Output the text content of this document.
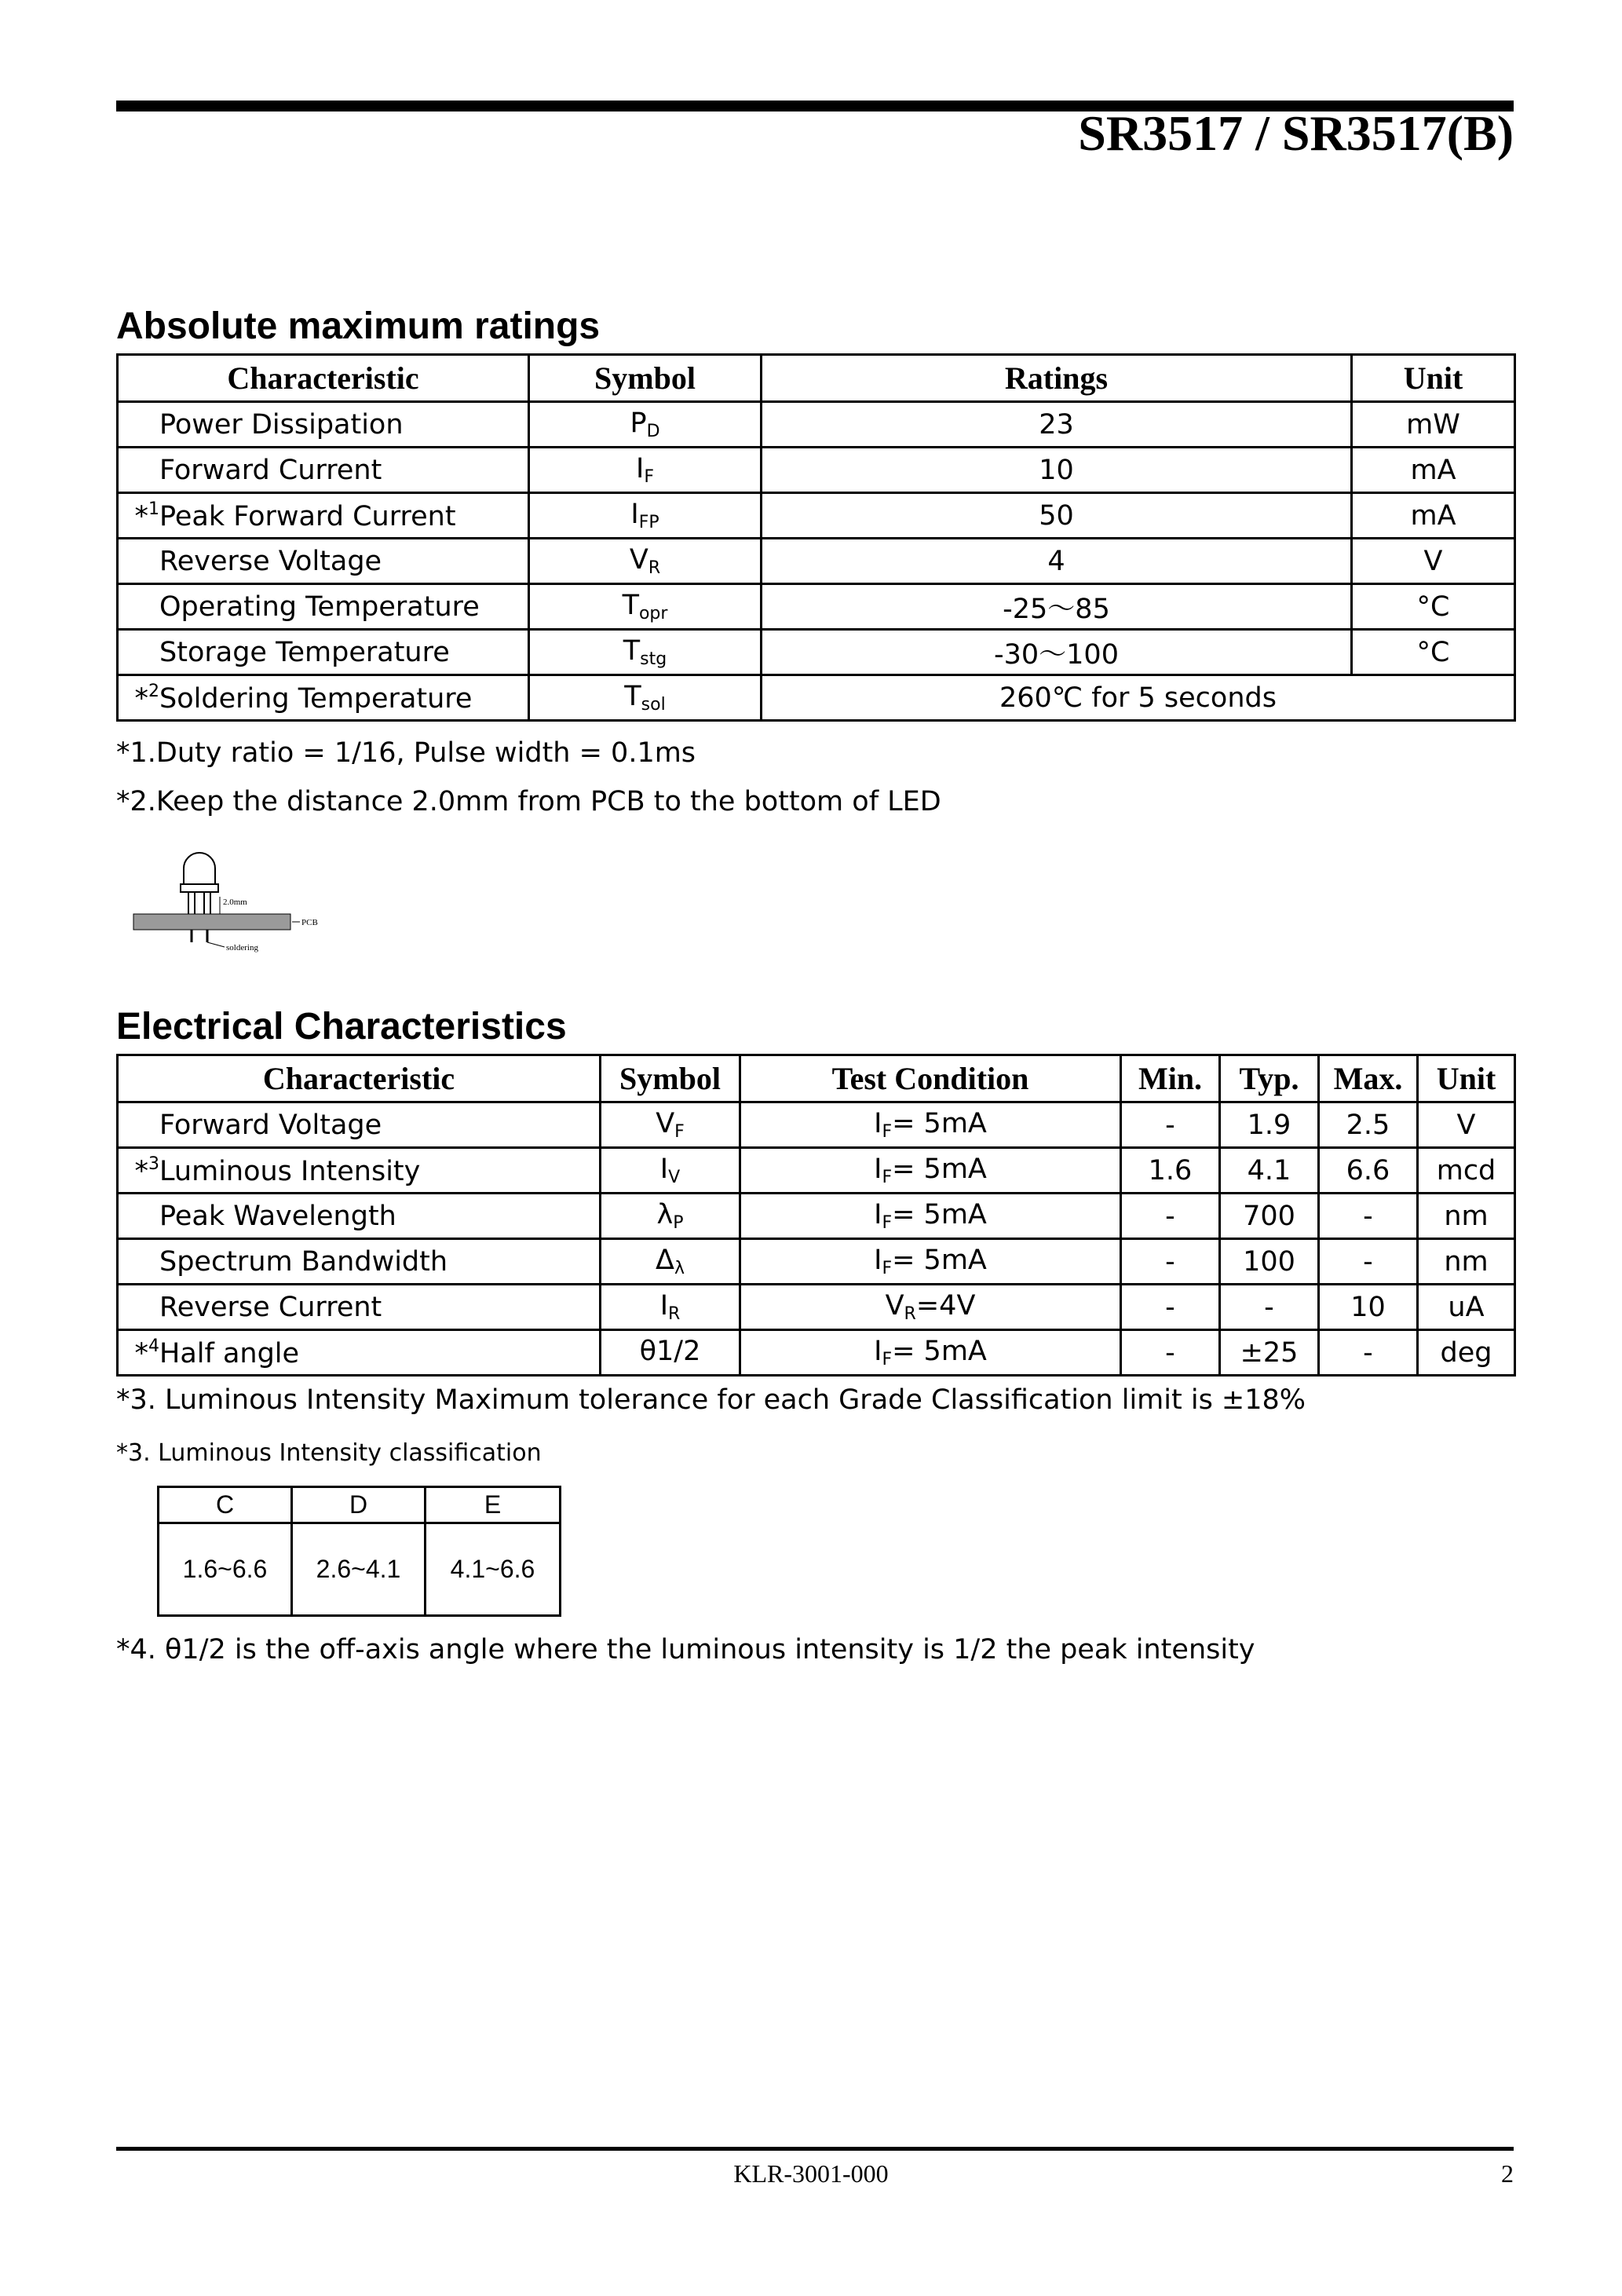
SR3517 / SR3517(B)
Absolute maximum ratings
Characteristic	Symbol	Ratings	Unit
Power Dissipation	$P_D$	23	mW
Forward Current	$I_F$	10	mA
*$^1$Peak Forward Current	$I_{FP}$	50	mA
Reverse Voltage	$V_R$	4	V
Operating Temperature	$T_{opr}$	-25～85	°C
Storage Temperature	$T_{stg}$	-30～100	°C
*$^2$Soldering Temperature	$T_{sol}$	260℃ for 5 seconds	
*1.Duty ratio = 1/16, Pulse width = 0.1ms
*2.Keep the distance 2.0mm from PCB to the bottom of LED
2.0mm
PCB
soldering
Electrical Characteristics
Characteristic	Symbol	Test Condition	Min.	Typ.	Max.	Unit
Forward Voltage	$V_F$	$I_F= 5mA$	-	1.9	2.5	V
*$^3$Luminous Intensity	$I_V$	$I_F= 5mA$	1.6	4.1	6.6	mcd
Peak Wavelength	$\lambda_P$	$I_F= 5mA$	-	700	-	nm
Spectrum Bandwidth	$\Delta_\lambda$	$I_F= 5mA$	-	100	-	nm
Reverse Current	$I_R$	$V_R=4V$	-	-	10	uA
*$^4$Half angle	θ1/2	$I_F= 5mA$	-	±25	-	deg
*3. Luminous Intensity Maximum tolerance for each Grade Classification limit is ±18%
*3. Luminous Intensity classification
C	D	E
1.6~6.6	2.6~4.1	4.1~6.6
*4. θ1/2 is the off-axis angle where the luminous intensity is 1/2 the peak intensity
KLR-3001-000	2
